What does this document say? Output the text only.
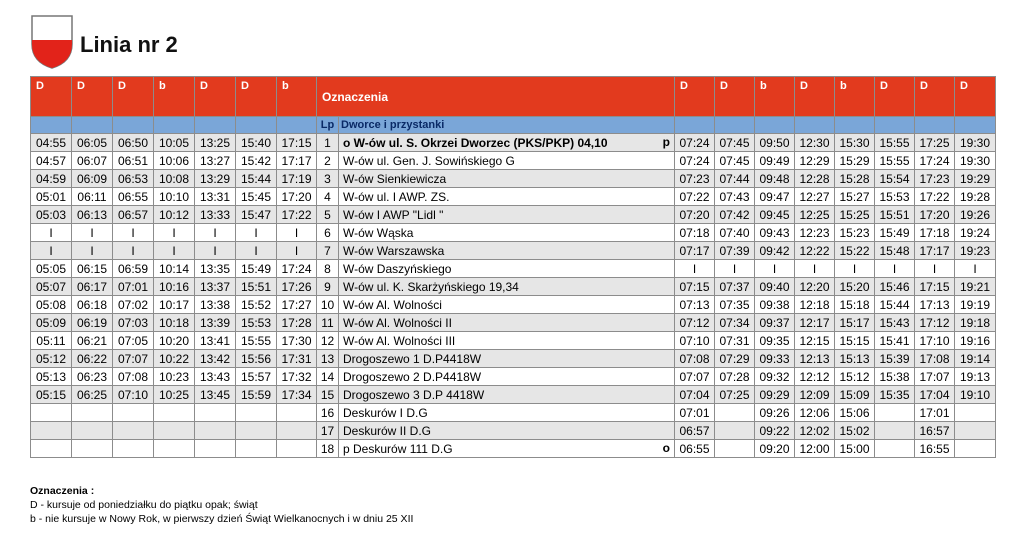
Linia nr 2
D	D	D	b	D	D	b	Oznaczenia		D	D	b	D	b	D	D	D
							Lp	Dworce i przystanki								
04:55	06:05	06:50	10:05	13:25	15:40	17:15	1	o W-ów ul. S. Okrzei Dworzec (PKS/PKP) 04,10 p	07:24	07:45	09:50	12:30	15:30	15:55	17:25	19:30
04:57	06:07	06:51	10:06	13:27	15:42	17:17	2	W-ów ul. Gen. J. Sowińskiego G	07:24	07:45	09:49	12:29	15:29	15:55	17:24	19:30
04:59	06:09	06:53	10:08	13:29	15:44	17:19	3	W-ów Sienkiewicza	07:23	07:44	09:48	12:28	15:28	15:54	17:23	19:29
05:01	06:11	06:55	10:10	13:31	15:45	17:20	4	W-ów ul. I AWP. ZS.	07:22	07:43	09:47	12:27	15:27	15:53	17:22	19:28
05:03	06:13	06:57	10:12	13:33	15:47	17:22	5	W-ów I AWP "Lidl "	07:20	07:42	09:45	12:25	15:25	15:51	17:20	19:26
I	I	I	I	I	I	I	6	W-ów Wąska	07:18	07:40	09:43	12:23	15:23	15:49	17:18	19:24
I	I	I	I	I	I	I	7	W-ów Warszawska	07:17	07:39	09:42	12:22	15:22	15:48	17:17	19:23
05:05	06:15	06:59	10:14	13:35	15:49	17:24	8	W-ów Daszyńskiego	I	I	I	I	I	I	I	I
05:07	06:17	07:01	10:16	13:37	15:51	17:26	9	W-ów ul. K. Skarżyńskiego 19,34	07:15	07:37	09:40	12:20	15:20	15:46	17:15	19:21
05:08	06:18	07:02	10:17	13:38	15:52	17:27	10	W-ów Al. Wolności	07:13	07:35	09:38	12:18	15:18	15:44	17:13	19:19
05:09	06:19	07:03	10:18	13:39	15:53	17:28	11	W-ów Al. Wolności II	07:12	07:34	09:37	12:17	15:17	15:43	17:12	19:18
05:11	06:21	07:05	10:20	13:41	15:55	17:30	12	W-ów Al. Wolności III	07:10	07:31	09:35	12:15	15:15	15:41	17:10	19:16
05:12	06:22	07:07	10:22	13:42	15:56	17:31	13	Drogoszewo 1 D.P4418W	07:08	07:29	09:33	12:13	15:13	15:39	17:08	19:14
05:13	06:23	07:08	10:23	13:43	15:57	17:32	14	Drogoszewo 2 D.P4418W	07:07	07:28	09:32	12:12	15:12	15:38	17:07	19:13
05:15	06:25	07:10	10:25	13:45	15:59	17:34	15	Drogoszewo 3 D.P 4418W	07:04	07:25	09:29	12:09	15:09	15:35	17:04	19:10
							16	Deskurów I D.G	07:01		09:26	12:06	15:06		17:01	
							17	Deskurów II D.G	06:57		09:22	12:02	15:02		16:57	
							18	p Deskurów 111 D.G o	06:55		09:20	12:00	15:00		16:55	
Oznaczenia :
D - kursuje od poniedziałku do piątku opak; świąt
b - nie kursuje w Nowy Rok, w pierwszy dzień Świąt Wielkanocnych i w dniu 25 XII
